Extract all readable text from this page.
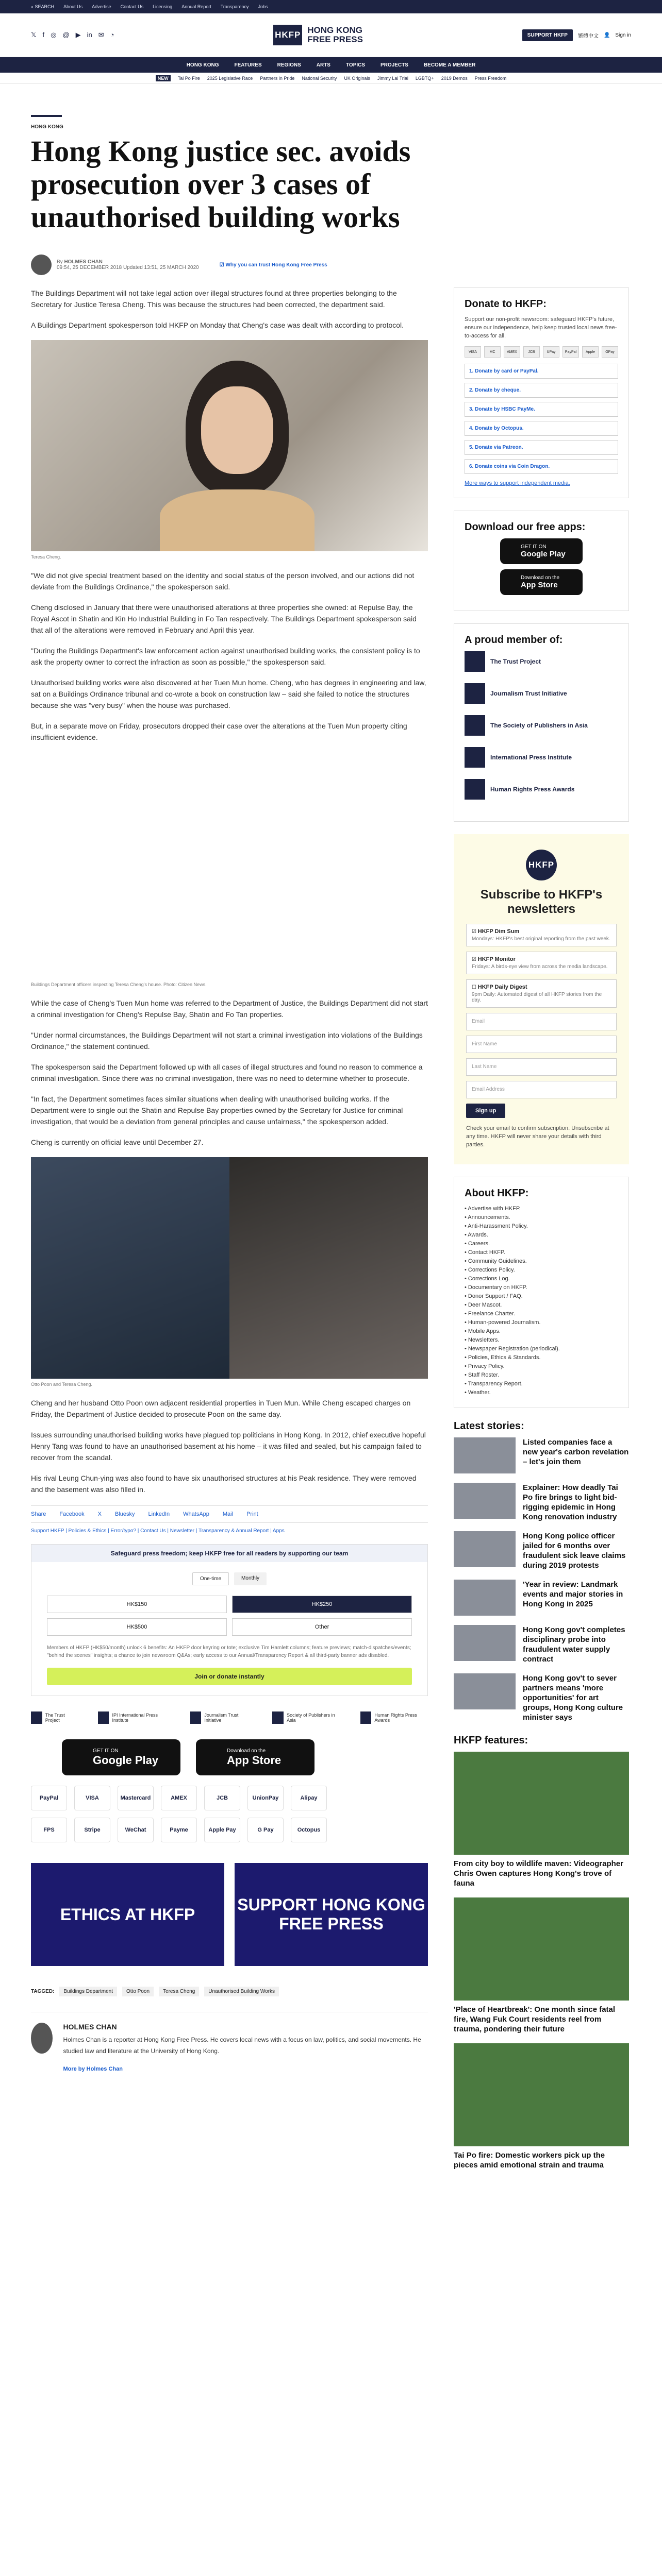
⌕ SEARCH About Us Advertise Contact Us Licensing Annual Report Transparency Jobs
𝕏 f ◎ @ ▶ in ✉ ◔	HKFP HONG KONG
FREE PRESS	SUPPORT HKFP	繁體中文 👤 Sign in
HONG KONG	FEATURES	REGIONS	ARTS	TOPICS	PROJECTS	BECOME A MEMBER
NEW	Tai Po Fire 2025 Legislative Race Partners in Pride National Security UK Originals Jimmy Lai Trial LGBTQ+ 2019 Demos Press Freedom
HONG KONG
Hong Kong justice sec. avoids prosecution over 3 cases of unauthorised building works
By HOLMES CHAN
09:54, 25 DECEMBER 2018 Updated 13:51, 25 MARCH 2020	☑ Why you can trust Hong Kong Free Press

The Buildings Department will not take legal action over illegal structures found at three properties belonging to the Secretary for Justice Teresa Cheng. This was because the structures had been corrected, the department said.

A Buildings Department spokesperson told HKFP on Monday that Cheng's case was dealt with according to protocol.

Teresa Cheng.

"We did not give special treatment based on the identity and social status of the person involved, and our actions did not deviate from the Buildings Ordinance," the spokesperson said.

Cheng disclosed in January that there were unauthorised alterations at three properties she owned: at Repulse Bay, the Royal Ascot in Shatin and Kin Ho Industrial Building in Fo Tan respectively. The Buildings Department spokesperson said that all of the alterations were removed in February and April this year.

"During the Buildings Department's law enforcement action against unauthorised building works, the consistent policy is to ask the property owner to correct the infraction as soon as possible," the spokesperson said.

Unauthorised building works were also discovered at her Tuen Mun home. Cheng, who has degrees in engineering and law, sat on a Buildings Ordinance tribunal and co-wrote a book on construction law – said she failed to notice the structures because she was "very busy" when the house was purchased.

But, in a separate move on Friday, prosecutors dropped their case over the alterations at the Tuen Mun property citing insufficient evidence.

Buildings Department officers inspecting Teresa Cheng's house. Photo: Citizen News.

While the case of Cheng's Tuen Mun home was referred to the Department of Justice, the Buildings Department did not start a criminal investigation for Cheng's Repulse Bay, Shatin and Fo Tan properties.

"Under normal circumstances, the Buildings Department will not start a criminal investigation into violations of the Buildings Ordinance," the statement continued.

The spokesperson said the Department followed up with all cases of illegal structures and found no reason to commence a criminal investigation. Since there was no criminal investigation, there was no need to determine whether to prosecute.

"In fact, the Department sometimes faces similar situations when dealing with unauthorised building works. If the Department were to single out the Shatin and Repulse Bay properties owned by the Secretary for Justice for criminal investigation, that would be a deviation from general principles and cause unfairness," the spokesperson added.

Cheng is currently on official leave until December 27.

Otto Poon and Teresa Cheng.

Cheng and her husband Otto Poon own adjacent residential properties in Tuen Mun. While Cheng escaped charges on Friday, the Department of Justice decided to prosecute Poon on the same day.

Issues surrounding unauthorised building works have plagued top politicians in Hong Kong. In 2012, chief executive hopeful Henry Tang was found to have an unauthorised basement at his home – it was filled and sealed, but his campaign failed to recover from the scandal.

His rival Leung Chun-ying was also found to have six unauthorised structures at his Peak residence. They were removed and the basement was also filled in.

Share Facebook X Bluesky LinkedIn WhatsApp Mail Print
Support HKFP | Policies & Ethics | Error/typo? | Contact Us | Newsletter | Transparency & Annual Report | Apps
Safeguard press freedom; keep HKFP free for all readers by supporting our team
One-time	Monthly
HK$150	HK$250
HK$500	Other
Members of HKFP (HK$50/month) unlock 6 benefits: An HKFP door keyring or tote; exclusive Tim Hamlett columns; feature previews; match-dispatches/events; "behind the scenes" insights; a chance to join newsroom Q&As; early access to our Annual/Transparency Report & all third-party banner ads disabled.
Join or donate instantly
The Trust Project
IPI International Press Institute
Journalism Trust Initiative
Society of Publishers in Asia
Human Rights Press Awards
GET IT ON
Google Play
Download on the
App Store
PayPal	VISA	Mastercard	AMEX	JCB	UnionPay	Alipay
FPS	Stripe	WeChat	Payme	Apple Pay	G Pay	Octopus
ETHICS AT HKFP
SUPPORT HONG KONG FREE PRESS
TAGGED:	Buildings Department	Otto Poon	Teresa Cheng	Unauthorised Building Works
HOLMES CHAN
Holmes Chan is a reporter at Hong Kong Free Press. He covers local news with a focus on law, politics, and social movements. He studied law and literature at the University of Hong Kong.
More by Holmes Chan
Donate to HKFP:
Support our non-profit newsroom: safeguard HKFP's future, ensure our independence, help keep trusted local news free-to-access for all.
VISA	MC	AMEX	JCB	UPay	PayPal	Apple	GPay
1. Donate by card or PayPal.
2. Donate by cheque.
3. Donate by HSBC PayMe.
4. Donate by Octopus.
5. Donate via Patreon.
6. Donate coins via Coin Dragon.
More ways to support independent media.
Download our free apps:
GET IT ON
Google Play
Download on the
App Store
A proud member of:
The Trust Project
Journalism Trust Initiative
The Society of Publishers in Asia
International Press Institute
Human Rights Press Awards
HKFP
Subscribe to HKFP's newsletters
☑ HKFP Dim Sum

Mondays: HKFP's best original reporting from the past week.

☑ HKFP Monitor

Fridays: A birds-eye view from across the media landscape.

☐ HKFP Daily Digest

9pm Daily: Automated digest of all HKFP stories from the day.

Email
First Name
Last Name
Email Address
Sign up
Check your email to confirm subscription. Unsubscribe at any time. HKFP will never share your details with third parties.
About HKFP:
• Advertise with HKFP.
• Announcements.
• Anti-Harassment Policy.
• Awards.
• Careers.
• Contact HKFP.
• Community Guidelines.
• Corrections Policy.
• Corrections Log.
• Documentary on HKFP.
• Donor Support / FAQ.
• Deer Mascot.
• Freelance Charter.
• Human-powered Journalism.
• Mobile Apps.
• Newsletters.
• Newspaper Registration (periodical).
• Policies, Ethics & Standards.
• Privacy Policy.
• Staff Roster.
• Transparency Report.
• Weather.
Latest stories:
Listed companies face a new year's carbon revelation – let's join them
Explainer: How deadly Tai Po fire brings to light bid-rigging epidemic in Hong Kong renovation industry
Hong Kong police officer jailed for 6 months over fraudulent sick leave claims during 2019 protests
'Year in review: Landmark events and major stories in Hong Kong in 2025
Hong Kong gov't completes disciplinary probe into fraudulent water supply contract
Hong Kong gov't to sever partners means 'more opportunities' for art groups, Hong Kong culture minister says
HKFP features:
From city boy to wildlife maven: Videographer Chris Owen captures Hong Kong's trove of fauna
'Place of Heartbreak': One month since fatal fire, Wang Fuk Court residents reel from trauma, pondering their future
Tai Po fire: Domestic workers pick up the pieces amid emotional strain and trauma
